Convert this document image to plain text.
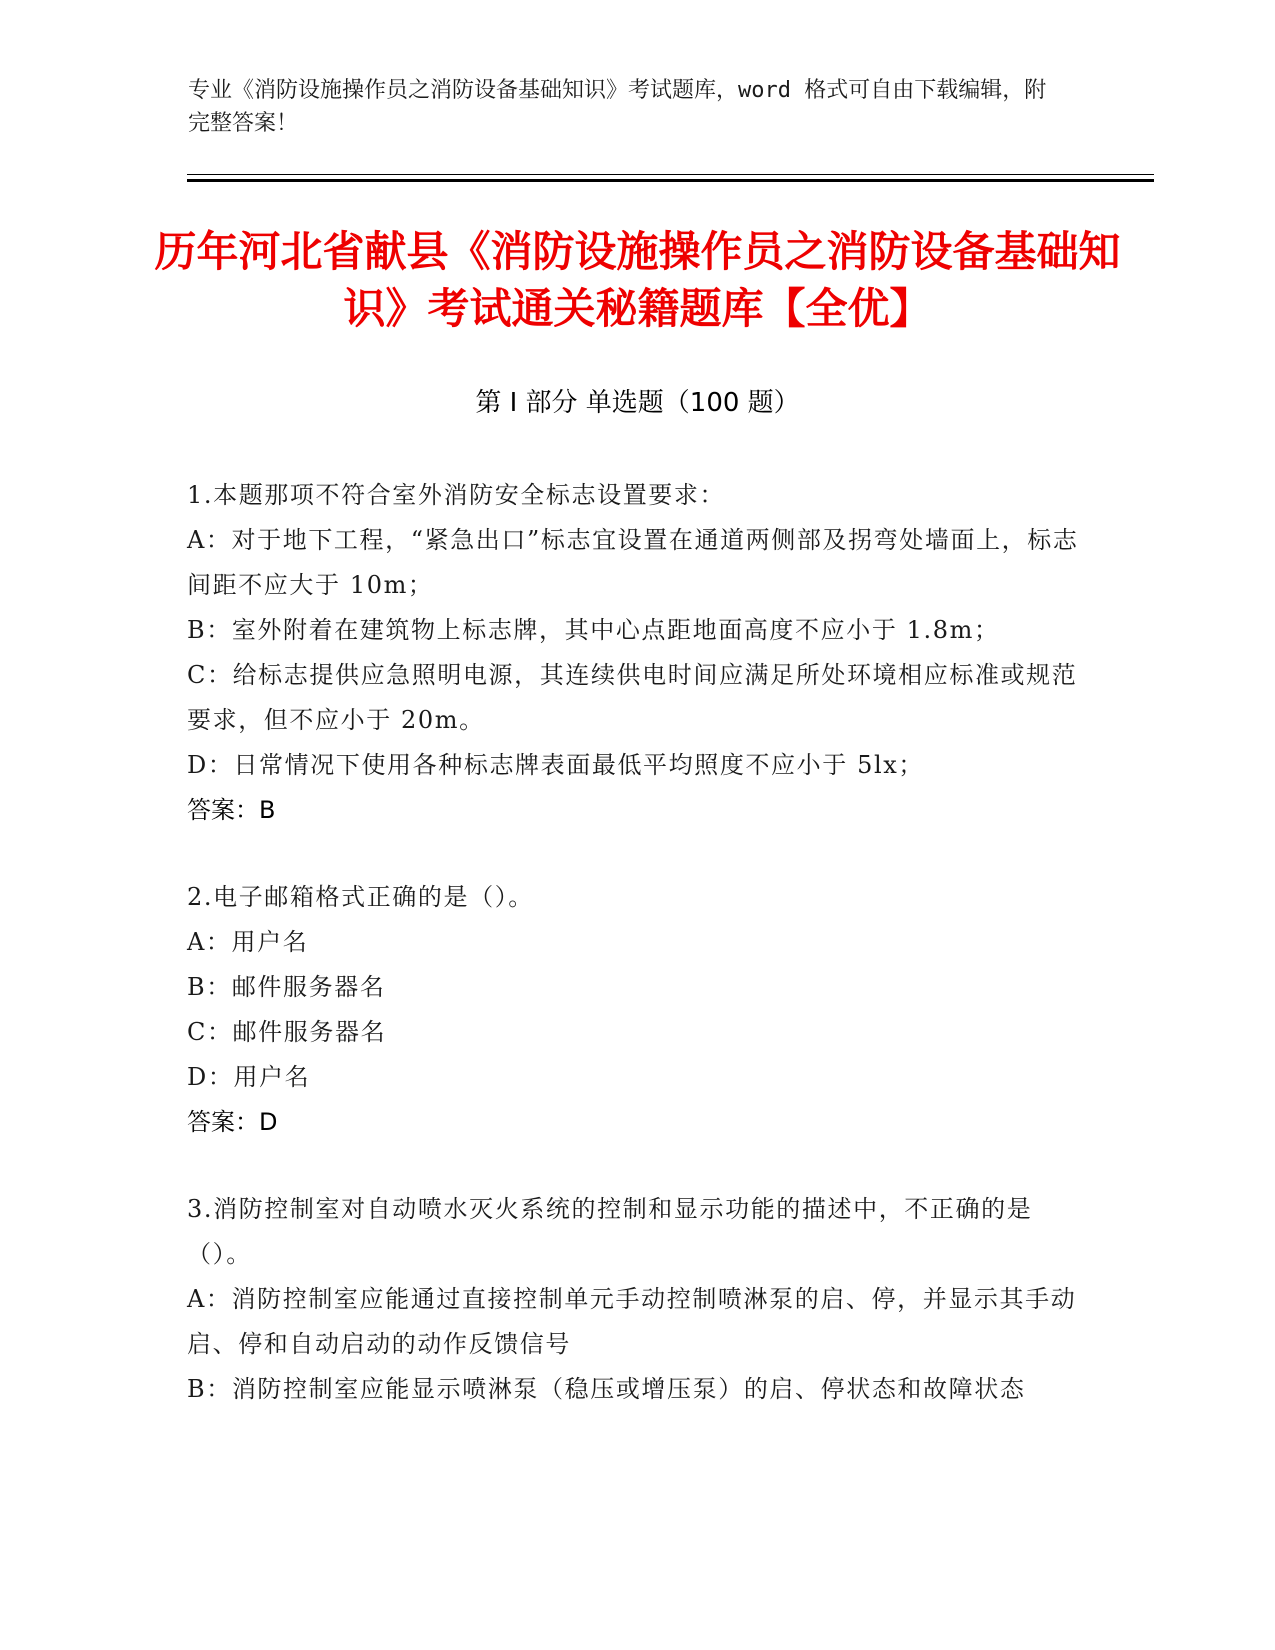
专业《消防设施操作员之消防设备基础知识》考试题库，word 格式可自由下载编辑，附完整答案！
历年河北省献县《消防设施操作员之消防设备基础知识》考试通关秘籍题库【全优】
第 I 部分 单选题（100 题）
1.本题那项不符合室外消防安全标志设置要求：
A：对于地下工程，“紧急出口”标志宜设置在通道两侧部及拐弯处墙面上，标志间距不应大于 10m；
B：室外附着在建筑物上标志牌，其中心点距地面高度不应小于 1.8m；
C：给标志提供应急照明电源，其连续供电时间应满足所处环境相应标准或规范要求，但不应小于 20m。
D：日常情况下使用各种标志牌表面最低平均照度不应小于 5lx；
答案：B
2.电子邮箱格式正确的是（）。
A：用户名
B：邮件服务器名
C：邮件服务器名
D：用户名
答案：D
3.消防控制室对自动喷水灭火系统的控制和显示功能的描述中，不正确的是（）。
A：消防控制室应能通过直接控制单元手动控制喷淋泵的启、停，并显示其手动启、停和自动启动的动作反馈信号
B：消防控制室应能显示喷淋泵（稳压或增压泵）的启、停状态和故障状态
